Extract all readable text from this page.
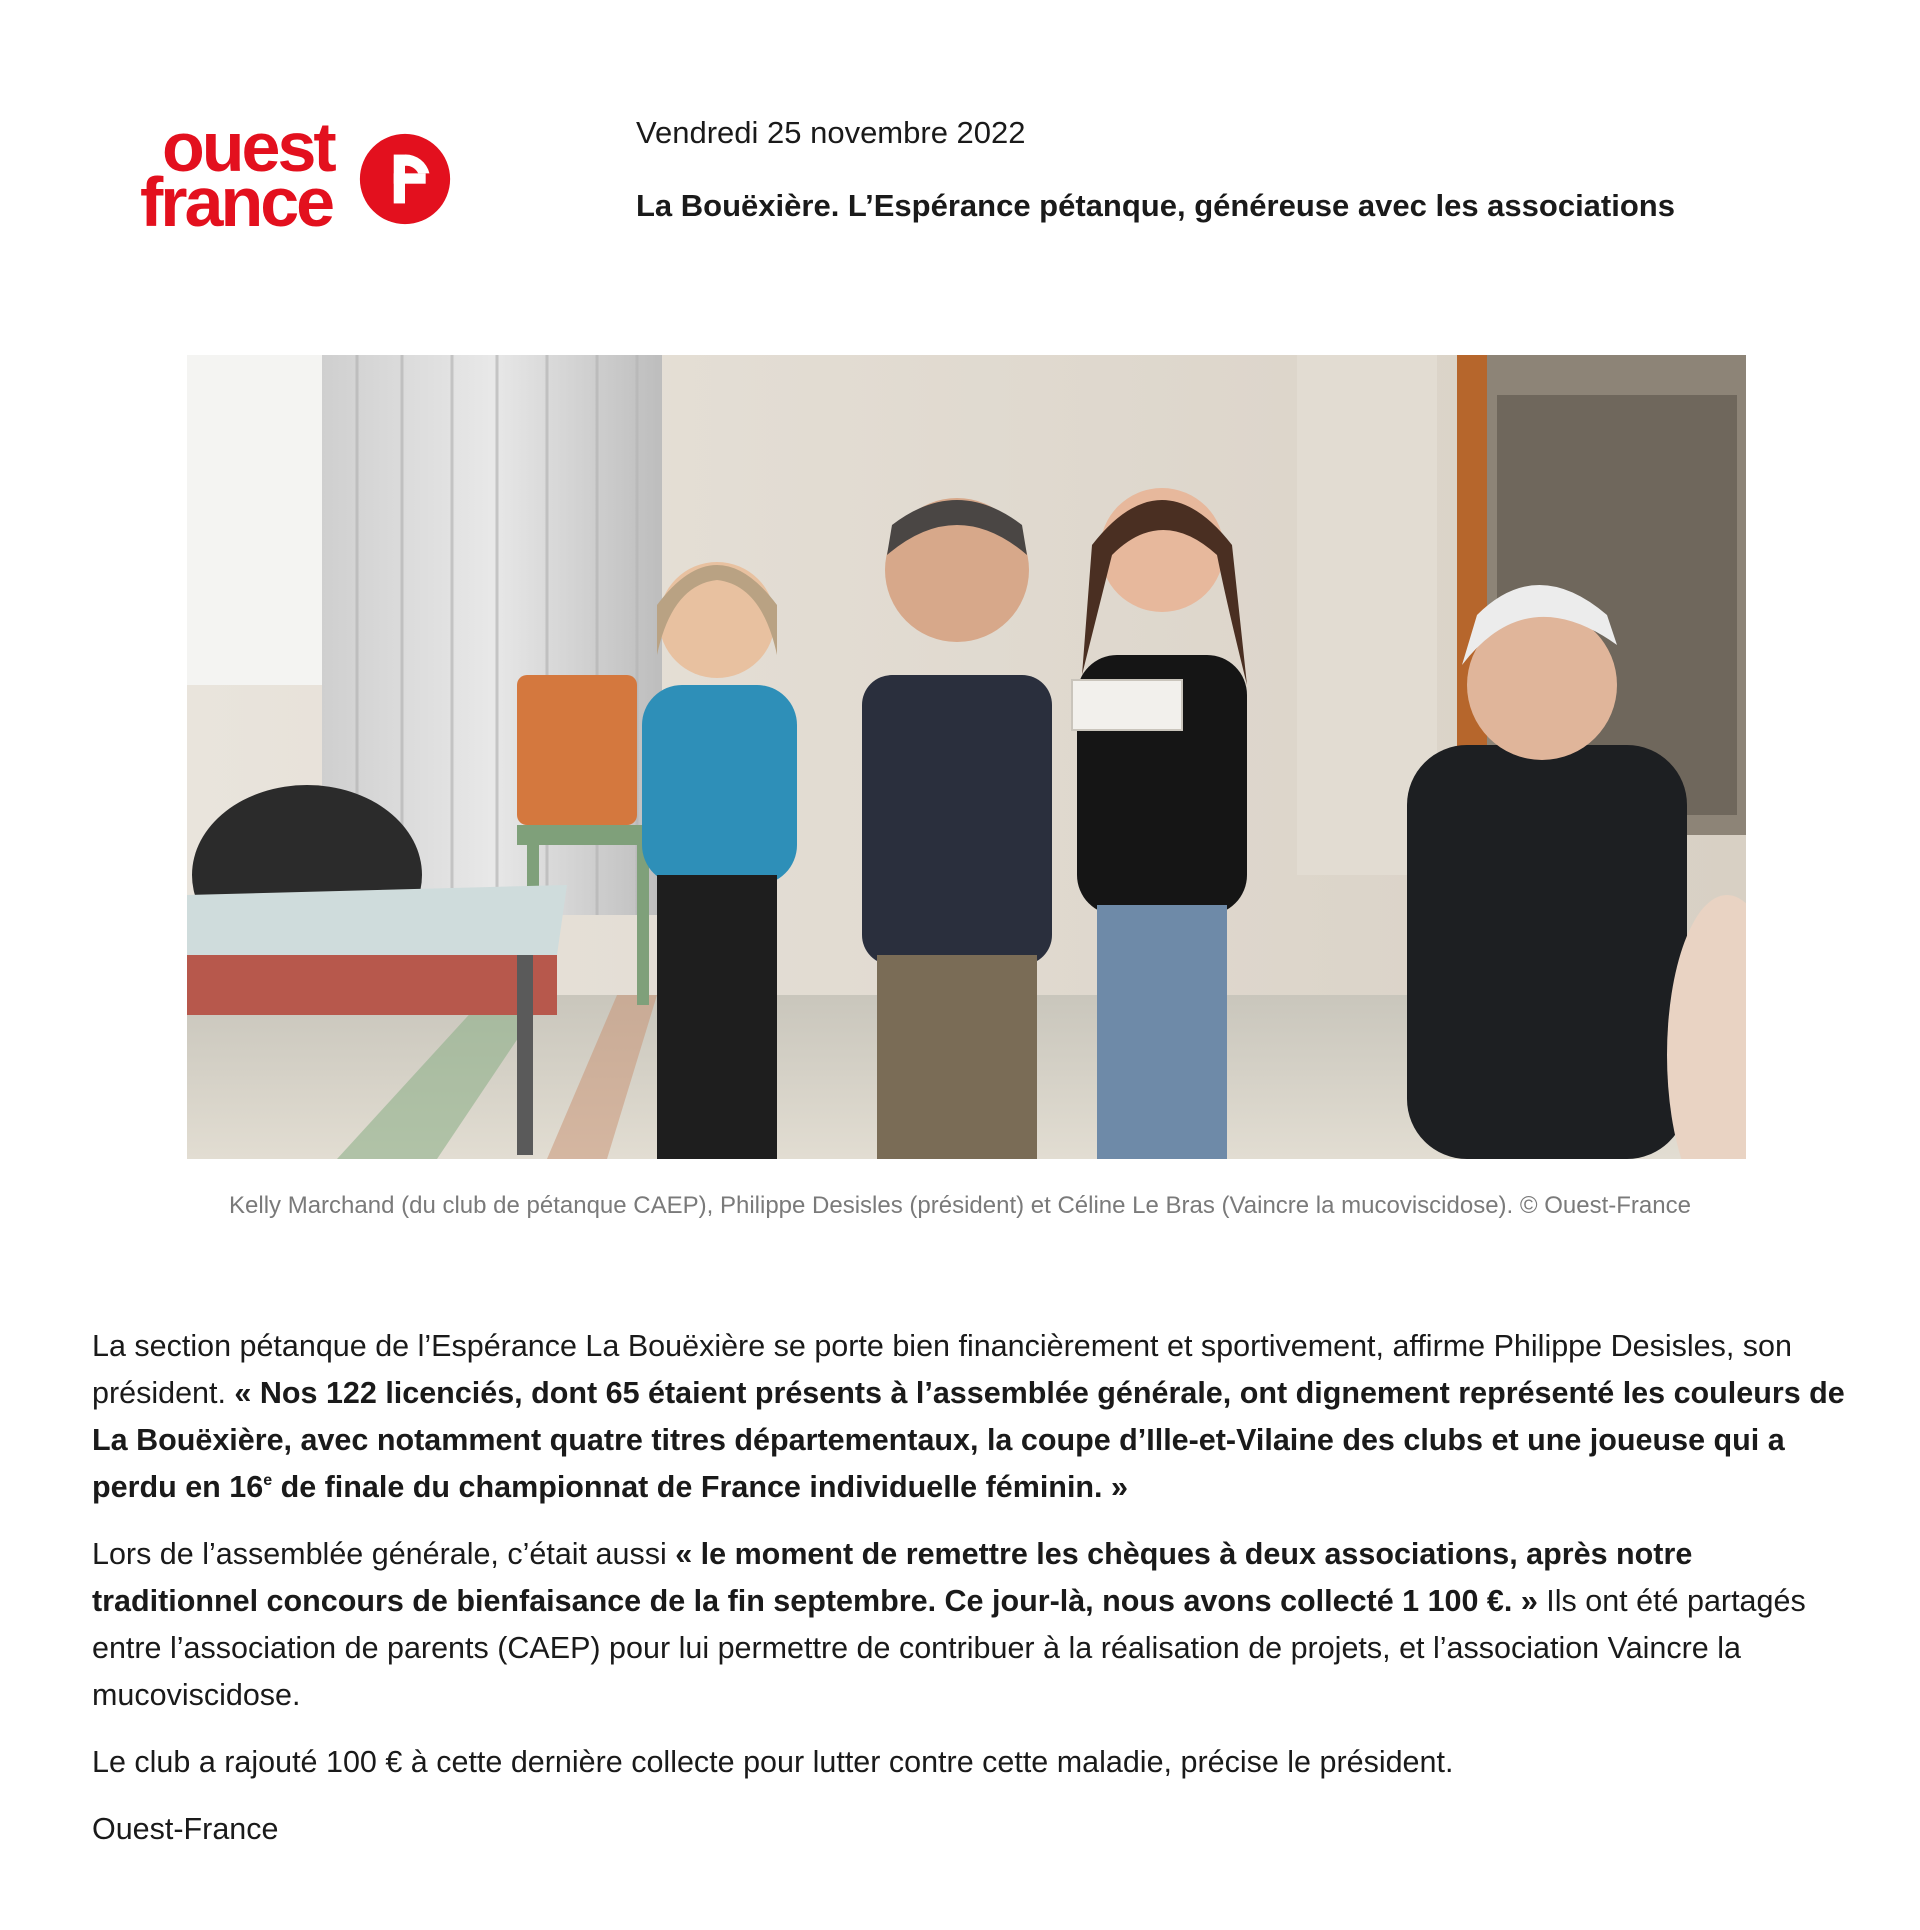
ouest
france
Vendredi 25 novembre 2022
La Bouëxière. L’Espérance pétanque, généreuse avec les associations
Kelly Marchand (du club de pétanque CAEP), Philippe Desisles (président) et Céline Le Bras (Vaincre la mucoviscidose). © Ouest-France

La section pétanque de l’Espérance La Bouëxière se porte bien financièrement et sportivement, affirme Philippe Desisles, son président. « Nos 122 licenciés, dont 65 étaient présents à l’assemblée générale, ont dignement représenté les couleurs de La Bouëxière, avec notamment quatre titres départementaux, la coupe d’Ille-et-Vilaine des clubs et une joueuse qui a perdu en 16e de finale du championnat de France individuelle féminin. »

Lors de l’assemblée générale, c’était aussi « le moment de remettre les chèques à deux associations, après notre traditionnel concours de bienfaisance de la fin septembre. Ce jour-là, nous avons collecté 1 100 €. » Ils ont été partagés entre l’association de parents (CAEP) pour lui permettre de contribuer à la réalisation de projets, et l’association Vaincre la mucoviscidose.

Le club a rajouté 100 € à cette dernière collecte pour lutter contre cette maladie, précise le président.

Ouest-France
